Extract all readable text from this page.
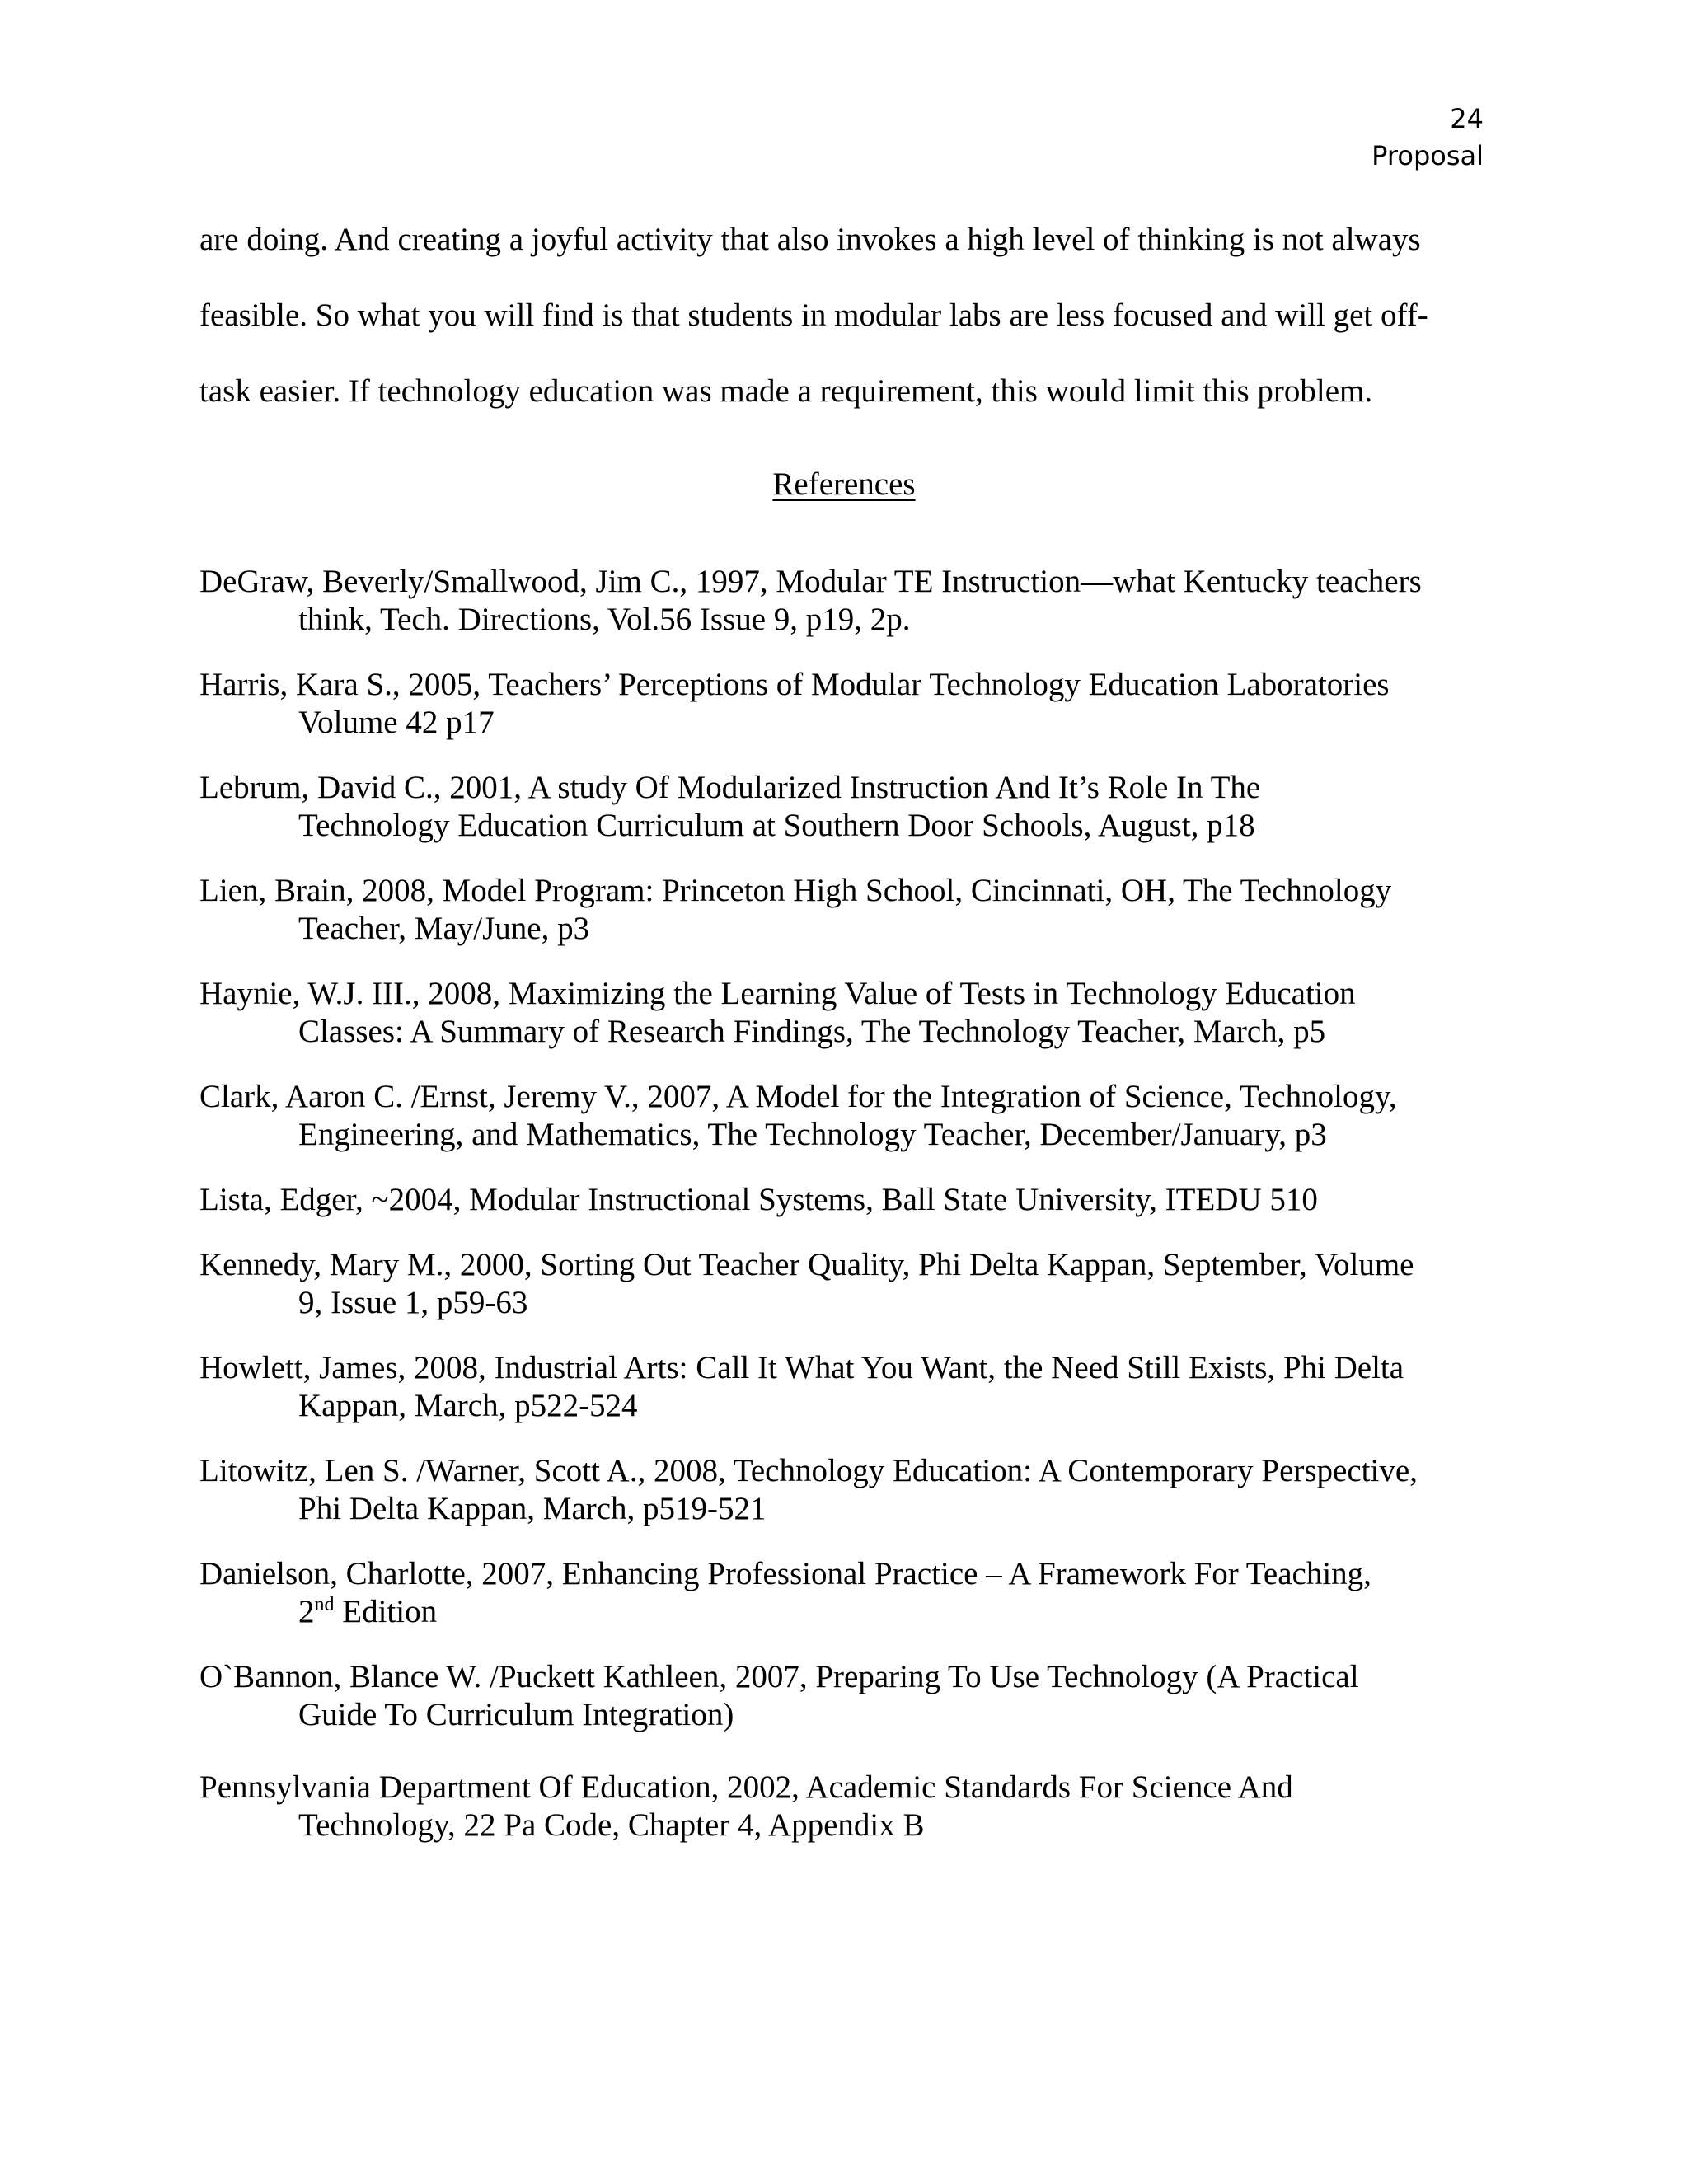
24
Proposal
are doing. And creating a joyful activity that also invokes a high level of thinking is not always
feasible. So what you will find is that students in modular labs are less focused and will get off-
task easier. If technology education was made a requirement, this would limit this problem.
References
DeGraw, Beverly/Smallwood, Jim C., 1997, Modular TE Instruction—what Kentucky teachers
think, Tech. Directions, Vol.56 Issue 9, p19, 2p.
Harris, Kara S., 2005, Teachers’ Perceptions of Modular Technology Education Laboratories
Volume 42 p17
Lebrum, David C., 2001, A study Of Modularized Instruction And It’s Role In The
Technology Education Curriculum at Southern Door Schools, August, p18
Lien, Brain, 2008, Model Program: Princeton High School, Cincinnati, OH, The Technology
Teacher, May/June, p3
Haynie, W.J. III., 2008, Maximizing the Learning Value of Tests in Technology Education
Classes: A Summary of Research Findings, The Technology Teacher, March, p5
Clark, Aaron C. /Ernst, Jeremy V., 2007, A Model for the Integration of Science, Technology,
Engineering, and Mathematics, The Technology Teacher, December/January, p3
Lista, Edger, ~2004, Modular Instructional Systems, Ball State University, ITEDU 510
Kennedy, Mary M., 2000, Sorting Out Teacher Quality, Phi Delta Kappan, September, Volume
9, Issue 1, p59-63
Howlett, James, 2008, Industrial Arts: Call It What You Want, the Need Still Exists, Phi Delta
Kappan, March, p522-524
Litowitz, Len S. /Warner, Scott A., 2008, Technology Education: A Contemporary Perspective,
Phi Delta Kappan, March, p519-521
Danielson, Charlotte, 2007, Enhancing Professional Practice – A Framework For Teaching,
2nd Edition
O`Bannon, Blance W. /Puckett Kathleen, 2007, Preparing To Use Technology (A Practical
Guide To Curriculum Integration)
Pennsylvania Department Of Education, 2002, Academic Standards For Science And
Technology, 22 Pa Code, Chapter 4, Appendix B
